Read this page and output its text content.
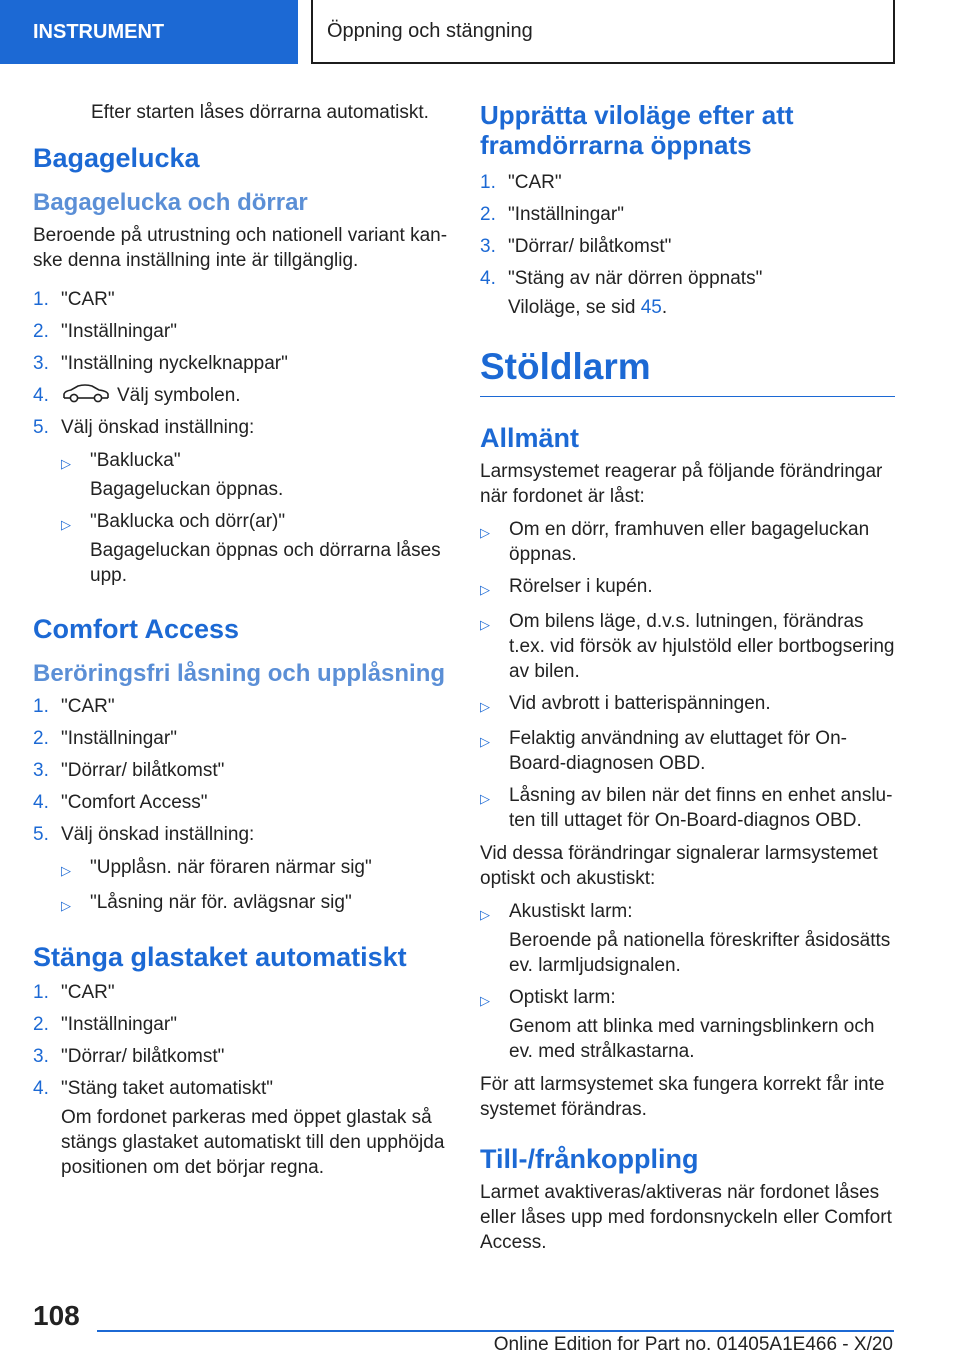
INSTRUMENT	Öppning och stängning

Efter starten låses dörrarna automatiskt.

Bagagelucka
Bagagelucka och dörrar

Beroende på utrustning och nationell variant kan-ske denna inställning inte är tillgänglig.

1. "CAR"
2. "Inställningar"
3. "Inställning nyckelknappar"
4.	Välj symbolen.
5. Välj önskad inställning:
▷	"Baklucka"
Bagageluckan öppnas.
▷	"Baklucka och dörr(ar)"
Bagageluckan öppnas och dörrarna låses upp.
Comfort Access
Beröringsfri låsning och upplåsning
1. "CAR"
2. "Inställningar"
3. "Dörrar/ bilåtkomst"
4. "Comfort Access"
5. Välj önskad inställning:
▷	"Upplåsn. när föraren närmar sig"
▷	"Låsning när för. avlägsnar sig"
Stänga glastaket automatiskt
1. "CAR"
2. "Inställningar"
3. "Dörrar/ bilåtkomst"
4. "Stäng taket automatiskt"
Om fordonet parkeras med öppet glastak så stängs glastaket automatiskt till den upphöjda positionen om det börjar regna.
Upprätta viloläge efter att framdörrarna öppnats
1. "CAR"
2. "Inställningar"
3. "Dörrar/ bilåtkomst"
4. "Stäng av när dörren öppnats"
Viloläge, se sid 45.
Stöldlarm
Allmänt

Larmsystemet reagerar på följande förändringar när fordonet är låst:

▷	Om en dörr, framhuven eller bagageluckan öppnas.
▷	Rörelser i kupén.
▷	Om bilens läge, d.v.s. lutningen, förändras t.ex. vid försök av hjulstöld eller bortbogsering av bilen.
▷	Vid avbrott i batterispänningen.
▷	Felaktig användning av eluttaget för On-Board-diagnosen OBD.
▷	Låsning av bilen när det finns en enhet anslu-ten till uttaget för On-Board-diagnos OBD.

Vid dessa förändringar signalerar larmsystemet optiskt och akustiskt:

▷	Akustiskt larm:
Beroende på nationella föreskrifter åsidosätts ev. larmljudsignalen.
▷	Optiskt larm:
Genom att blinka med varningsblinkern och ev. med strålkastarna.

För att larmsystemet ska fungera korrekt får inte systemet förändras.

Till-/frånkoppling

Larmet avaktiveras/aktiveras när fordonet låses eller låses upp med fordonsnyckeln eller Comfort Access.

108
Online Edition for Part no. 01405A1E466 - X/20
